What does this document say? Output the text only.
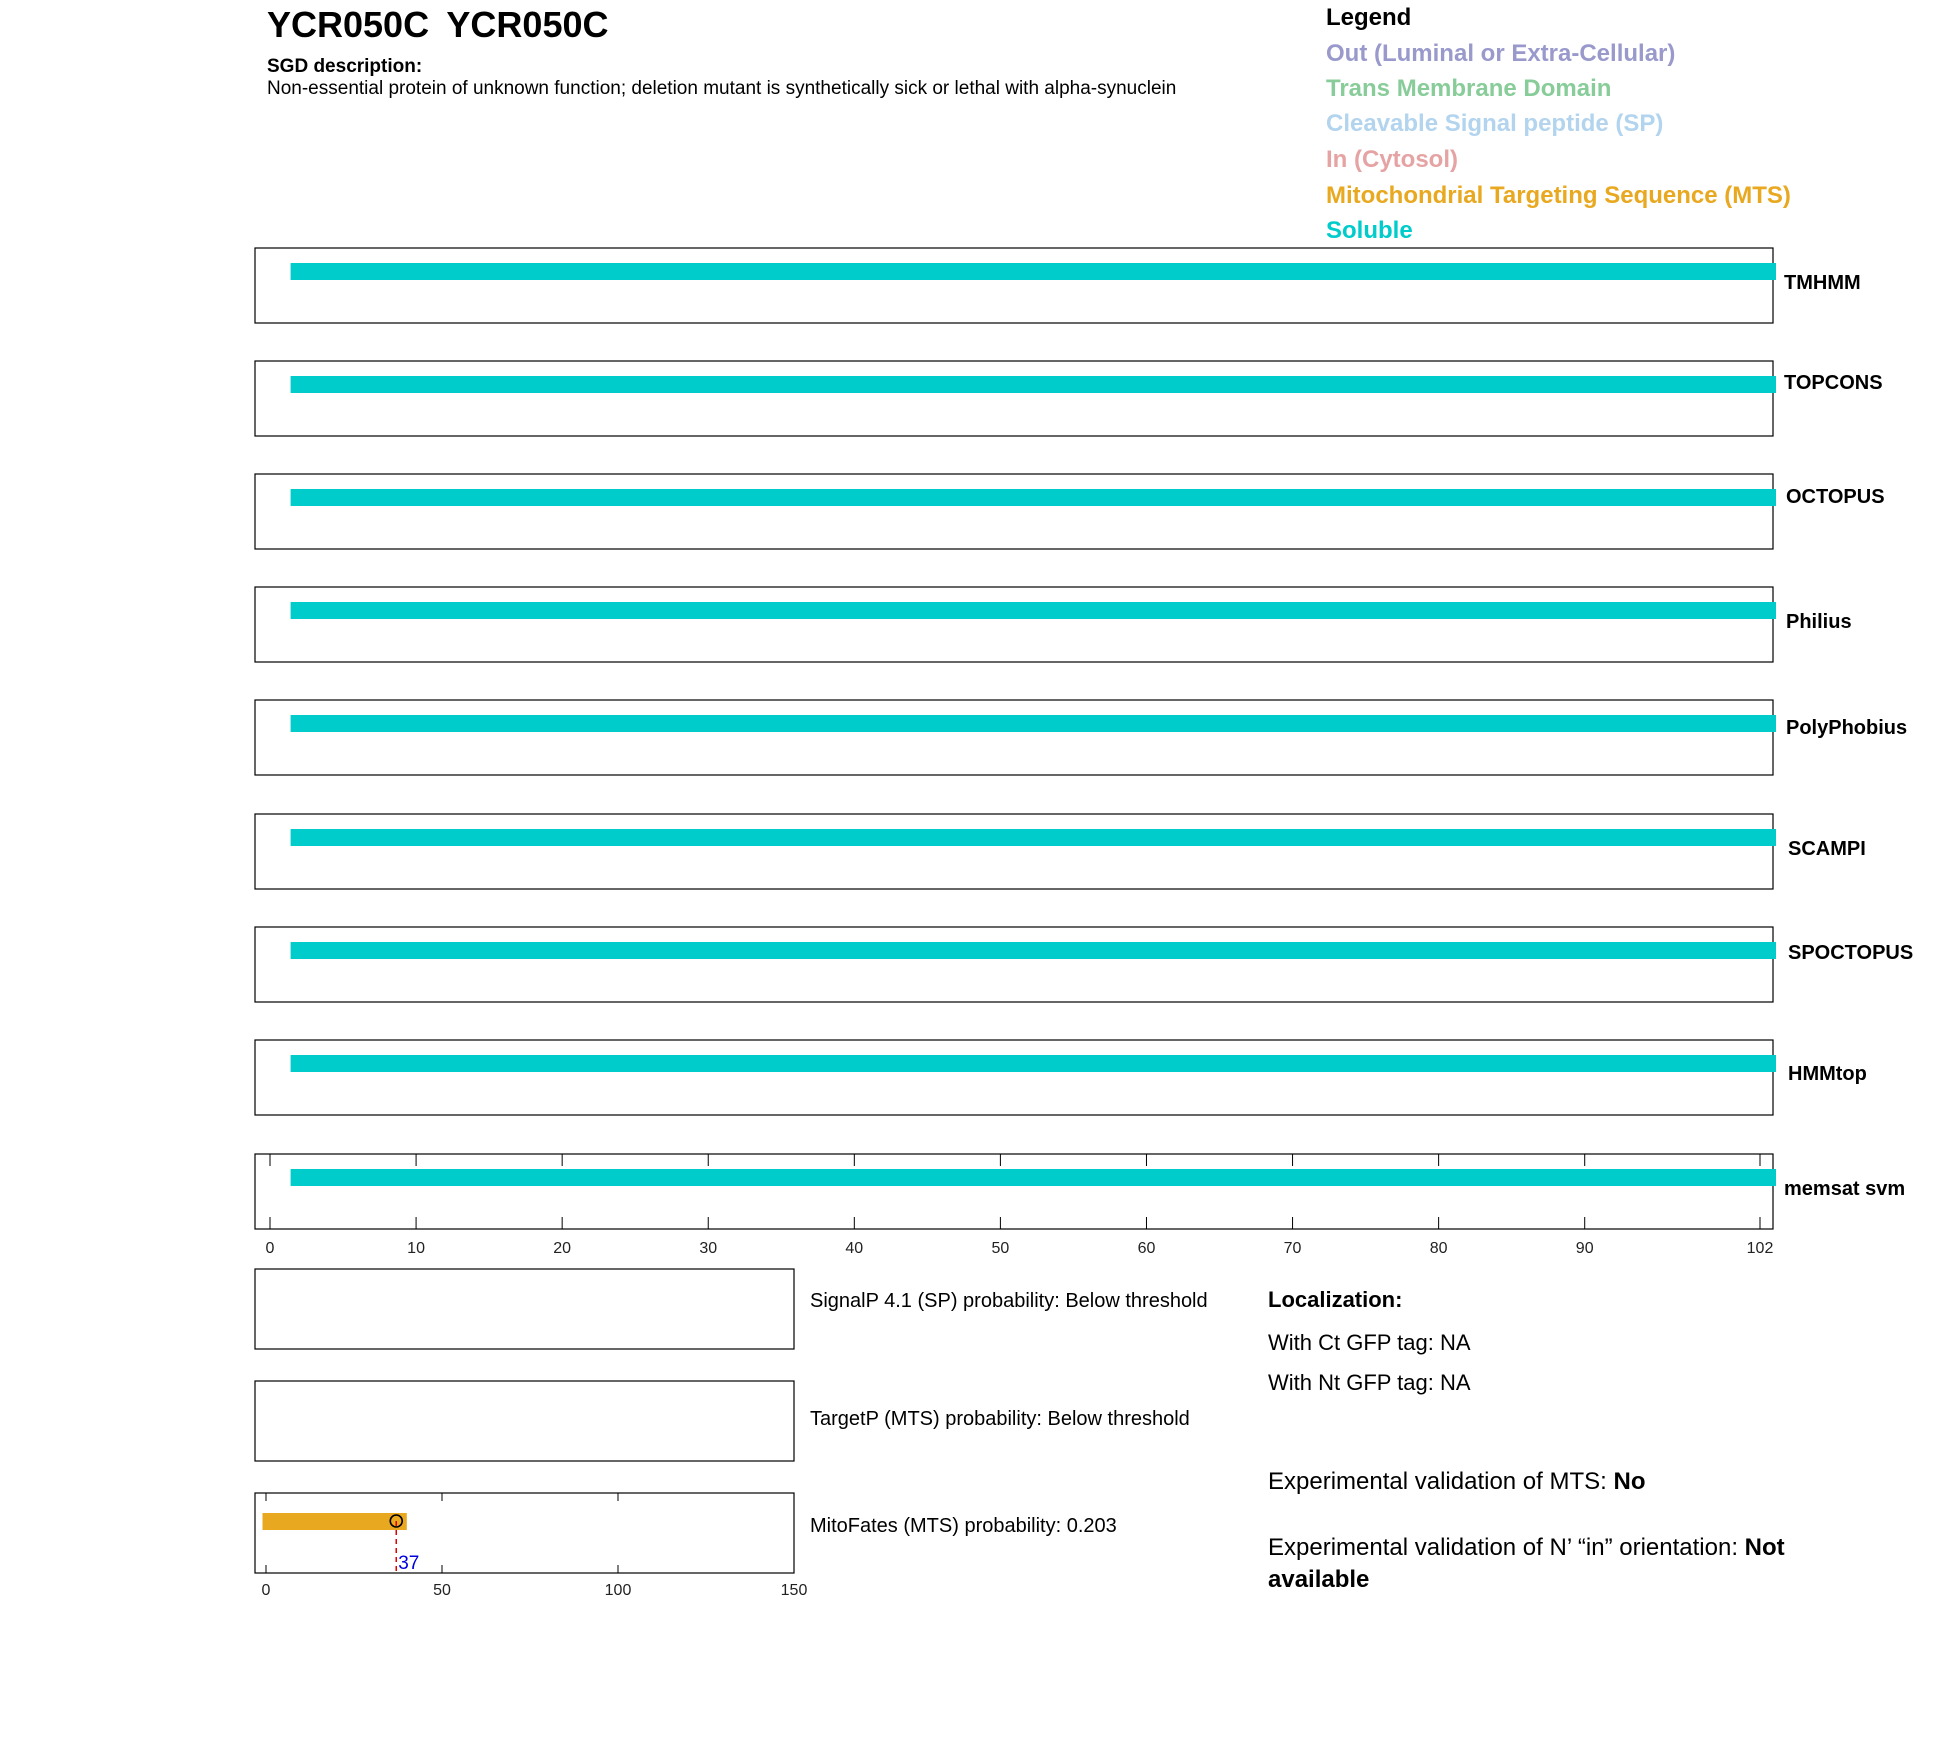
YCR050C YCR050C
SGD description:
Non-essential protein of unknown function; deletion mutant is synthetically sick or lethal with alpha-synuclein
Legend
Out (Luminal or Extra-Cellular)
Trans Membrane Domain
Cleavable Signal peptide (SP)
In (Cytosol)
Mitochondrial Targeting Sequence (MTS)
Soluble
0	10	20	30	40	50	60	70	80	90	102
TMHMM
TOPCONS
OCTOPUS
Philius
PolyPhobius
SCAMPI
SPOCTOPUS
HMMtop
memsat svm
0	50	100	150
37
SignalP 4.1 (SP) probability: Below threshold
TargetP (MTS) probability: Below threshold
MitoFates (MTS) probability: 0.203
Localization:
With Ct GFP tag: NA
With Nt GFP tag: NA
Experimental validation of MTS: No
Experimental validation of N’ “in” orientation: Not
available
